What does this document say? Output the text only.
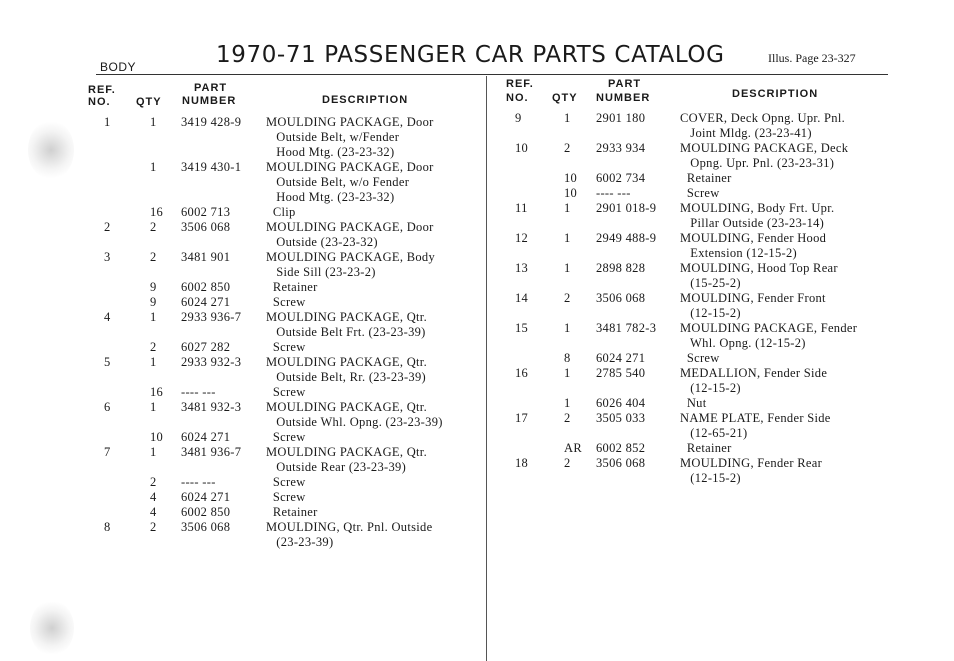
BODY	1970-71 PASSENGER CAR PARTS CATALOG	Illus. Page 23-327
REF.
NO. QTY
PART
NUMBER	DESCRIPTION
1	1 3419 428-9 MOULDING PACKAGE, Door
Outside Belt, w/Fender
Hood Mtg. (23-23-32)
1 3419 430-1 MOULDING PACKAGE, Door
Outside Belt, w/o Fender
Hood Mtg. (23-23-32)
16 6002 713	Clip
2	2 3506 068	MOULDING PACKAGE, Door
Outside (23-23-32)
3	2 3481 901	MOULDING PACKAGE, Body
Side Sill (23-23-2)
9 6002 850	Retainer
9 6024 271	Screw
4	1 2933 936-7 MOULDING PACKAGE, Qtr.
Outside Belt Frt. (23-23-39)
2 6027 282	Screw
5	1 2933 932-3 MOULDING PACKAGE, Qtr.
Outside Belt, Rr. (23-23-39)
16 ---- ---	Screw
6	1 3481 932-3 MOULDING PACKAGE, Qtr.
Outside Whl. Opng. (23-23-39)
10 6024 271	Screw
7	1 3481 936-7 MOULDING PACKAGE, Qtr.
Outside Rear (23-23-39)
2 ---- ---	Screw
4 6024 271	Screw
4 6002 850	Retainer
8	2 3506 068	MOULDING, Qtr. Pnl. Outside
(23-23-39)
REF.
NO. QTY
PART
NUMBER	DESCRIPTION
9	1 2901 180	COVER, Deck Opng. Upr. Pnl.
Joint Mldg. (23-23-41)
10	2 2933 934	MOULDING PACKAGE, Deck
Opng. Upr. Pnl. (23-23-31)
10 6002 734	Retainer
10 ---- ---	Screw
11	1 2901 018-9 MOULDING, Body Frt. Upr.
Pillar Outside (23-23-14)
12	1 2949 488-9 MOULDING, Fender Hood
Extension (12-15-2)
13	1 2898 828	MOULDING, Hood Top Rear
(15-25-2)
14	2 3506 068	MOULDING, Fender Front
(12-15-2)
15	1 3481 782-3 MOULDING PACKAGE, Fender
Whl. Opng. (12-15-2)
8 6024 271	Screw
16	1 2785 540	MEDALLION, Fender Side
(12-15-2)
1 6026 404	Nut
17	2 3505 033	NAME PLATE, Fender Side
(12-65-21)
AR 6002 852	Retainer
18	2 3506 068	MOULDING, Fender Rear
(12-15-2)
